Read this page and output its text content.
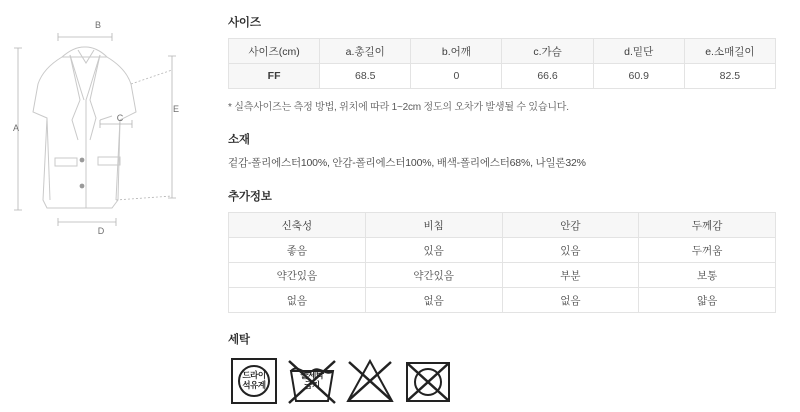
B
A
E
C
D
사이즈
사이즈(cm)	a.총길이	b.어깨	c.가슴	d.밑단	e.소매길이
FF	68.5	0	66.6	60.9	82.5

* 실측사이즈는 측정 방법, 위치에 따라 1~2cm 정도의 오차가 발생될 수 있습니다.

소재

겉감-폴리에스터100%, 안감-폴리에스터100%, 배색-폴리에스터68%, 나일론32%

추가정보
신축성	비침	안감	두께감
좋음	있음	있음	두꺼움
약간있음	약간있음	부분	보통
없음	없음	없음	얇음
세탁
드라이
석유계
물세탁
금지
